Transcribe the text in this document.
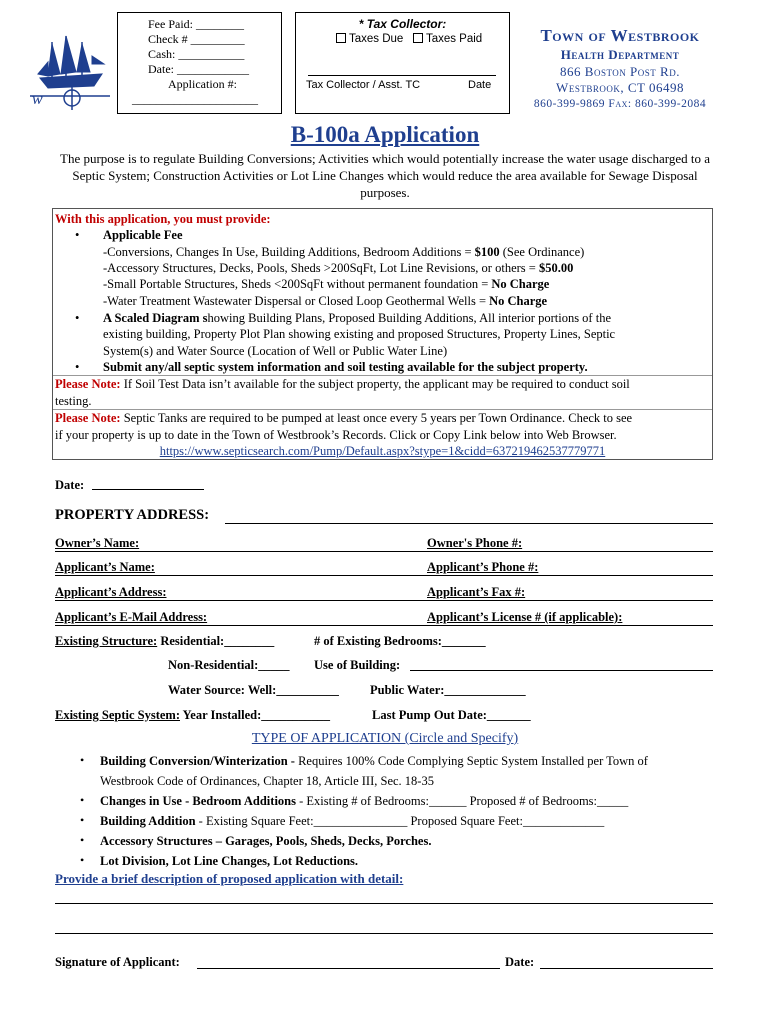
w
Fee Paid: ________
Check # _________
Cash: ___________
Date: ____________
Application #:
_____________________
* Tax Collector:
Taxes Due Taxes Paid
Tax Collector / Asst. TC	Date
Town of Westbrook
Health Department
866 Boston Post Rd.
Westbrook, CT 06498
860-399-9869 Fax: 860-399-2084
B-100a Application
The purpose is to regulate Building Conversions; Activities which would potentially increase the water usage discharged to a Septic System; Construction Activities or Lot Line Changes which would reduce the area available for Sewage Disposal purposes.
With this application, you must provide:
• Applicable Fee
-Conversions, Changes In Use, Building Additions, Bedroom Additions = $100 (See Ordinance)
-Accessory Structures, Decks, Pools, Sheds >200SqFt, Lot Line Revisions, or others = $50.00
-Small Portable Structures, Sheds <200SqFt without permanent foundation = No Charge
-Water Treatment Wastewater Dispersal or Closed Loop Geothermal Wells = No Charge
• A Scaled Diagram showing Building Plans, Proposed Building Additions, All interior portions of the
existing building, Property Plot Plan showing existing and proposed Structures, Property Lines, Septic
System(s) and Water Source (Location of Well or Public Water Line)
• Submit any/all septic system information and soil testing available for the subject property.
Please Note: If Soil Test Data isn’t available for the subject property, the applicant may be required to conduct soil
testing.
Please Note: Septic Tanks are required to be pumped at least once every 5 years per Town Ordinance. Check to see
if your property is up to date in the Town of Westbrook’s Records. Click or Copy Link below into Web Browser.
https://www.septicsearch.com/Pump/Default.aspx?stype=1&cidd=637219462537779771
Date:
PROPERTY ADDRESS:
Owner’s Name:	Owner's Phone #:
Applicant’s Name:	Applicant’s Phone #:
Applicant’s Address:	Applicant’s Fax #:
Applicant’s E-Mail Address:	Applicant’s License # (if applicable):
Existing Structure: Residential:________	# of Existing Bedrooms:_______
Non-Residential:_____ Use of Building:
Water Source: Well:__________ Public Water:_____________
Existing Septic System: Year Installed:___________	Last Pump Out Date:_______
TYPE OF APPLICATION (Circle and Specify)
• Building Conversion/Winterization - Requires 100% Code Complying Septic System Installed per Town of
Westbrook Code of Ordinances, Chapter 18, Article III, Sec. 18-35
• Changes in Use - Bedroom Additions - Existing # of Bedrooms:______ Proposed # of Bedrooms:_____
• Building Addition - Existing Square Feet:_______________ Proposed Square Feet:_____________
• Accessory Structures – Garages, Pools, Sheds, Decks, Porches.
• Lot Division, Lot Line Changes, Lot Reductions.
Provide a brief description of proposed application with detail:
Signature of Applicant:	Date:
